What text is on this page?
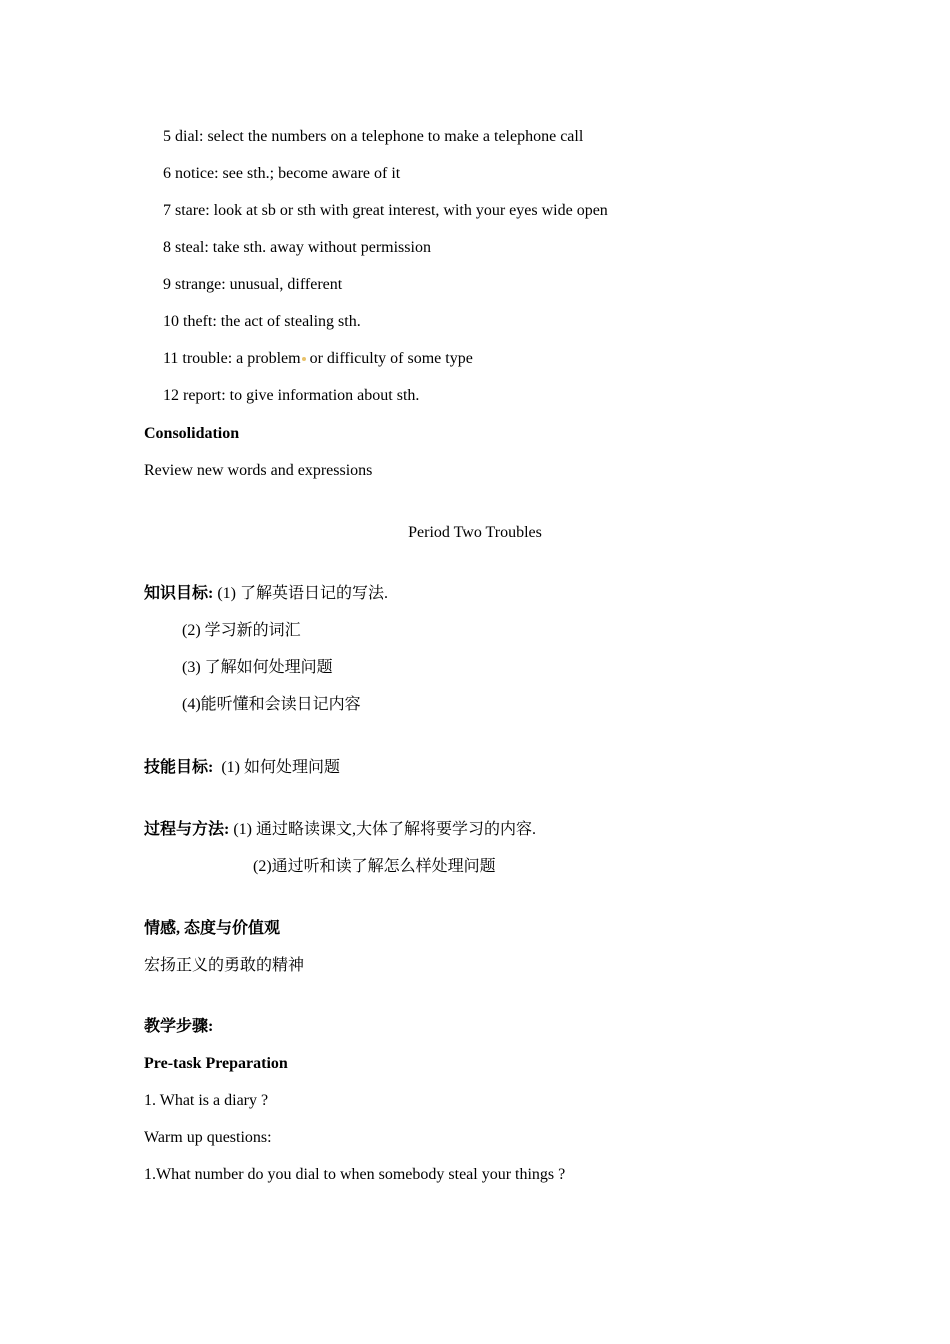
5 dial: select the numbers on a telephone to make a telephone call
6 notice: see sth.; become aware of it
7 stare: look at sb or sth with great interest, with your eyes wide open
8 steal: take sth. away without permission
9 strange: unusual, different
10 theft: the act of stealing sth.
11 trouble: a problem or difficulty of some type
12 report: to give information about sth.
Consolidation
Review new words and expressions
Period Two Troubles
知识目标: (1) 了解英语日记的写法.
(2) 学习新的词汇
(3) 了解如何处理问题
(4)能听懂和会读日记内容
技能目标:  (1) 如何处理问题
过程与方法: (1) 通过略读课文,大体了解将要学习的内容.
(2)通过听和读了解怎么样处理问题
情感, 态度与价值观
宏扬正义的勇敢的精神
教学步骤:
Pre-task Preparation
1. What is a diary ?
Warm up questions:
1.What number do you dial to when somebody steal your things ?
